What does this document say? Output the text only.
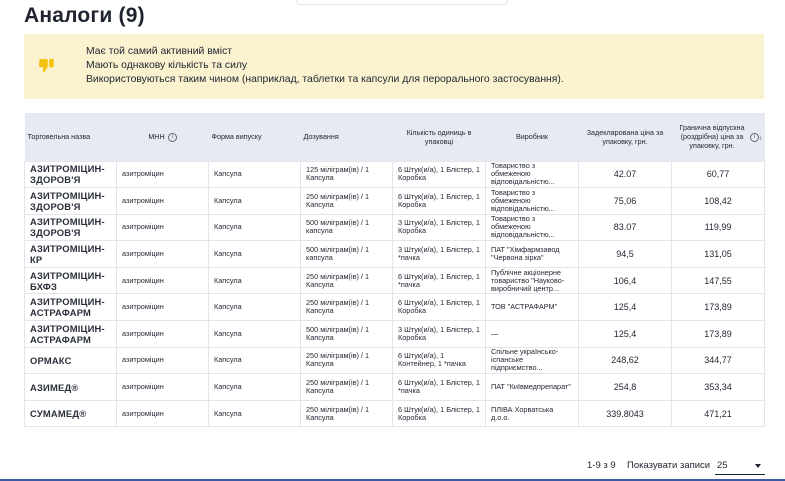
Аналоги (9)
Має той самий активний вміст
Мають однакову кількість та силу
Використовуються таким чином (наприклад, таблетки та капсули для перорального застосування).
Торговельна назва	МНН i	Форма випуску	Дозування	Кількість одиниць в упаковці	Виробник	Задекларована ціна за упаковку, грн.	Гранична відпускна (роздрібна) ціна за упаковку, грн.
i ↓

АЗИТРОМІЦИН-ЗДОРОВ'Я	азитроміцин	Капсула	125 міліграм(ів) / 1 Капсула	6 Штук(и/а), 1 Блістер, 1 Коробка	Товариство з обмеженою відповідальністю...	42.07	60,77
АЗИТРОМІЦИН-ЗДОРОВ'Я	азитроміцин	Капсула	250 міліграм(ів) / 1 Капсула	6 Штук(и/а), 1 Блістер, 1 Коробка	Товариство з обмеженою відповідальністю...	75,06	108,42
АЗИТРОМІЦИН-ЗДОРОВ'Я	азитроміцин	Капсула	500 міліграм(ів) / 1 капсула	3 Штук(и/а), 1 Блістер, 1 Коробка	Товариство з обмеженою відповідальністю...	83.07	119,99
АЗИТРОМІЦИН-КР	азитроміцин	Капсула	500 міліграм(ів) / 1 капсула	3 Штук(и/а), 1 Блістер, 1 *пачка	ПАТ "Хімфармзавод "Червона зірка"	94,5	131,05
АЗИТРОМІЦИН-БХФЗ	азитроміцин	Капсула	250 міліграм(ів) / 1 Капсула	6 Штук(и/а), 1 Блістер, 1 *пачка	Публічне акціонерне товариство "Науково-виробничий центр...	106,4	147,55
АЗИТРОМІЦИН-АСТРАФАРМ	азитроміцин	Капсула	250 міліграм(ів) / 1 Капсула	6 Штук(и/а), 1 Блістер, 1 Коробка	ТОВ "АСТРАФАРМ"	125,4	173,89
АЗИТРОМІЦИН-АСТРАФАРМ	азитроміцин	Капсула	500 міліграм(ів) / 1 Капсула	3 Штук(и/а), 1 Блістер, 1 Коробка	—	125,4	173,89
ОРМАКС	азитроміцин	Капсула	250 міліграм(ів) / 1 Капсула	6 Штук(и/а), 1 Контейнер, 1 *пачка	Спільне українсько-іспанське підприємство...	248,62	344,77
АЗИМЕД®	азитроміцин	Капсула	250 міліграм(ів) / 1 Капсула	6 Штук(и/а), 1 Блістер, 1 *пачка	ПАТ "Київмедпрепарат"	254,8	353,34
СУМАМЕД®	азитроміцин	Капсула	250 міліграм(ів) / 1 Капсула	6 Штук(и/а), 1 Блістер, 1 Коробка	ПЛІВА Хорватська д.о.о.	339.8043	471,21
1-9 з 9 Показувати записи 25
